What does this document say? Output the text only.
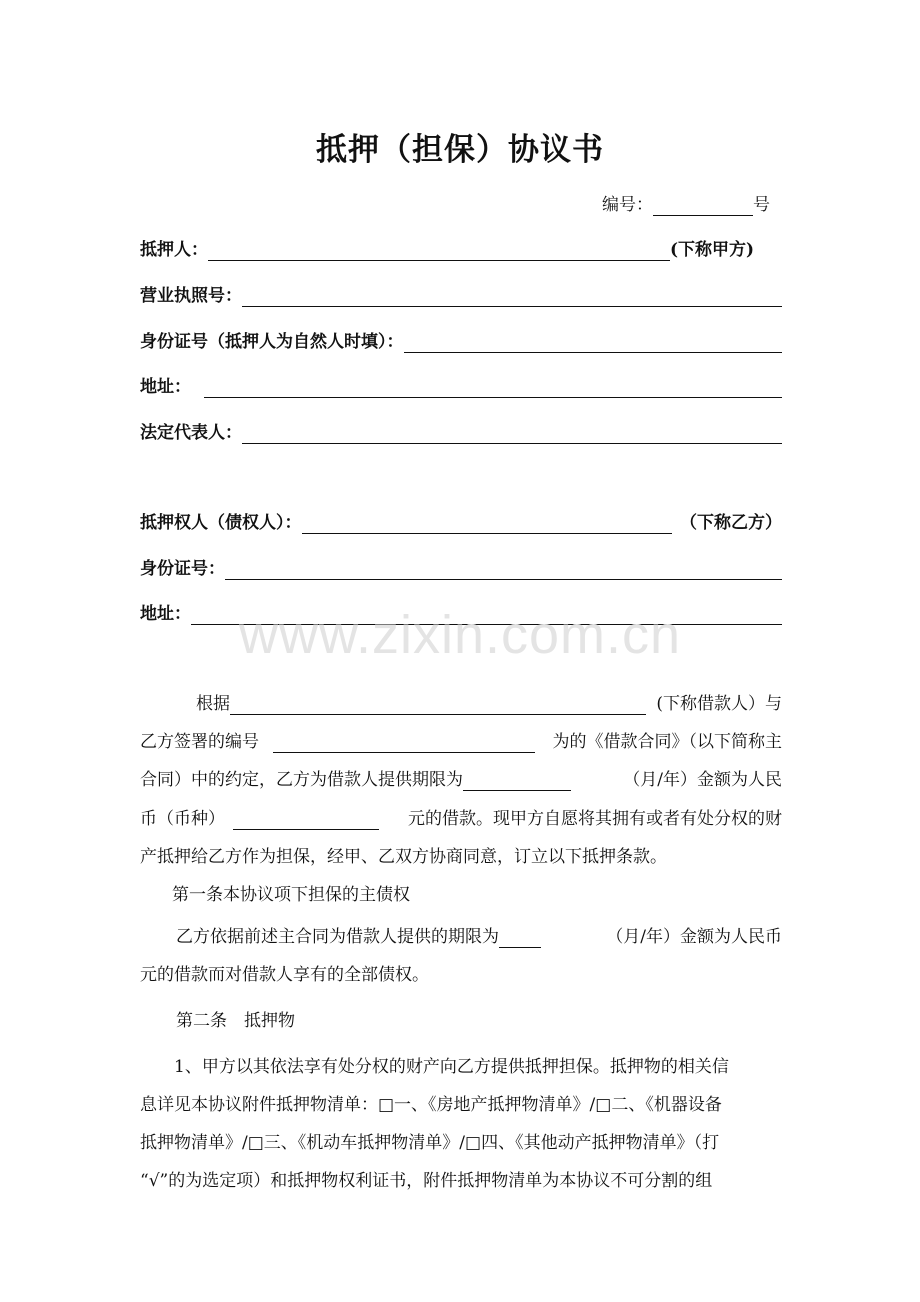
抵押（担保）协议书
编号：	号
抵押人：	(下称甲方)
营业执照号：
身份证号（抵押人为自然人时填）：
地址：
法定代表人：
抵押权人（债权人）：	（下称乙方）
身份证号：
地址： www.zixin.com.cn
根据	(下称借款人）与
乙方签署的编号	为的《借款合同》（以下简称主
合同）中的约定，乙方为借款人提供期限为	（月/年）金额为人民
币（币种）	元的借款。现甲方自愿将其拥有或者有处分权的财
产抵押给乙方作为担保，经甲、乙双方协商同意，订立以下抵押条款。
第一条本协议项下担保的主债权
乙方依据前述主合同为借款人提供的期限为	（月/年）金额为人民币
元的借款而对借款人享有的全部债权。
第二条　抵押物
1、甲方以其依法享有处分权的财产向乙方提供抵押担保。抵押物的相关信
息详见本协议附件抵押物清单：□一、《房地产抵押物清单》/□二、《机器设备
抵押物清单》/□三、《机动车抵押物清单》/□四、《其他动产抵押物清单》（打
“√”的为选定项）和抵押物权利证书，附件抵押物清单为本协议不可分割的组
